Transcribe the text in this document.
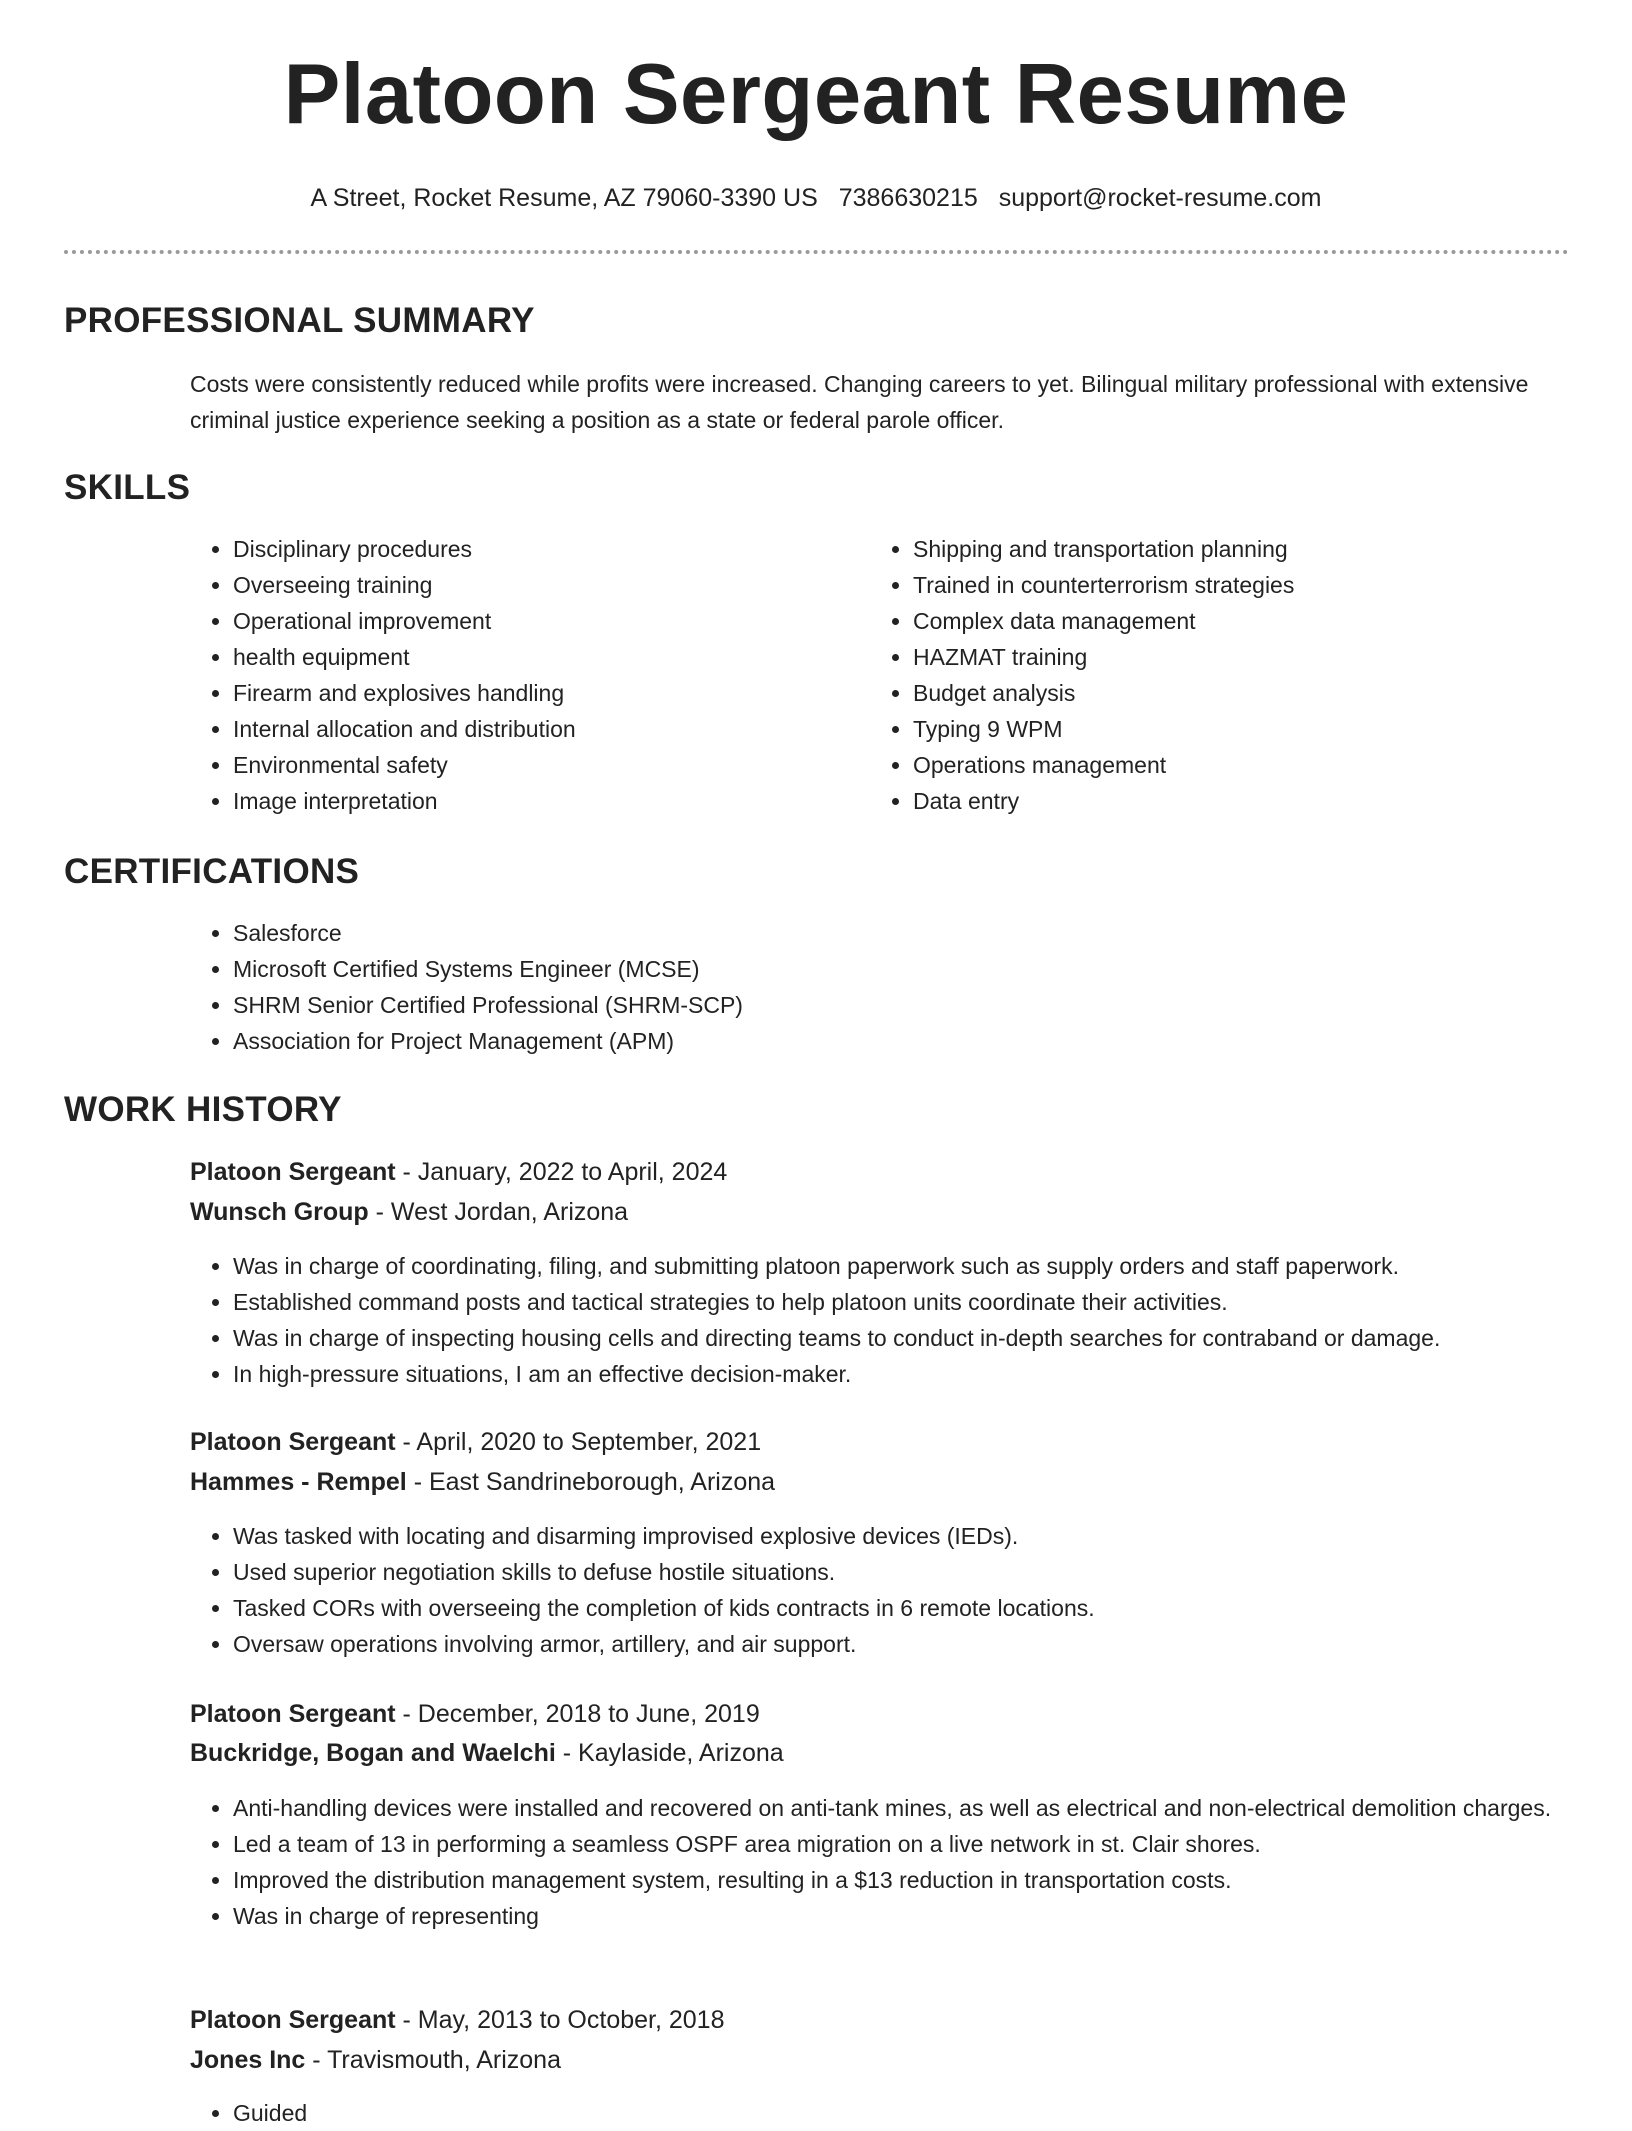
Platoon Sergeant Resume
A Street, Rocket Resume, AZ 79060-3390 US 7386630215 support@rocket-resume.com
PROFESSIONAL SUMMARY
Costs were consistently reduced while profits were increased. Changing careers to yet. Bilingual military professional with extensive criminal justice experience seeking a position as a state or federal parole officer.
SKILLS
• Disciplinary procedures
• Overseeing training
• Operational improvement
• health equipment
• Firearm and explosives handling
• Internal allocation and distribution
• Environmental safety
• Image interpretation
• Shipping and transportation planning
• Trained in counterterrorism strategies
• Complex data management
• HAZMAT training
• Budget analysis
• Typing 9 WPM
• Operations management
• Data entry
CERTIFICATIONS
• Salesforce
• Microsoft Certified Systems Engineer (MCSE)
• SHRM Senior Certified Professional (SHRM-SCP)
• Association for Project Management (APM)
WORK HISTORY
Platoon Sergeant - January, 2022 to April, 2024
Wunsch Group - West Jordan, Arizona
• Was in charge of coordinating, filing, and submitting platoon paperwork such as supply orders and staff paperwork.
• Established command posts and tactical strategies to help platoon units coordinate their activities.
• Was in charge of inspecting housing cells and directing teams to conduct in-depth searches for contraband or damage.
• In high-pressure situations, I am an effective decision-maker.
Platoon Sergeant - April, 2020 to September, 2021
Hammes - Rempel - East Sandrineborough, Arizona
• Was tasked with locating and disarming improvised explosive devices (IEDs).
• Used superior negotiation skills to defuse hostile situations.
• Tasked CORs with overseeing the completion of kids contracts in 6 remote locations.
• Oversaw operations involving armor, artillery, and air support.
Platoon Sergeant - December, 2018 to June, 2019
Buckridge, Bogan and Waelchi - Kaylaside, Arizona
• Anti-handling devices were installed and recovered on anti-tank mines, as well as electrical and non-electrical demolition charges.
• Led a team of 13 in performing a seamless OSPF area migration on a live network in st. Clair shores.
• Improved the distribution management system, resulting in a $13 reduction in transportation costs.
• Was in charge of representing
Platoon Sergeant - May, 2013 to October, 2018
Jones Inc - Travismouth, Arizona
• Guided
